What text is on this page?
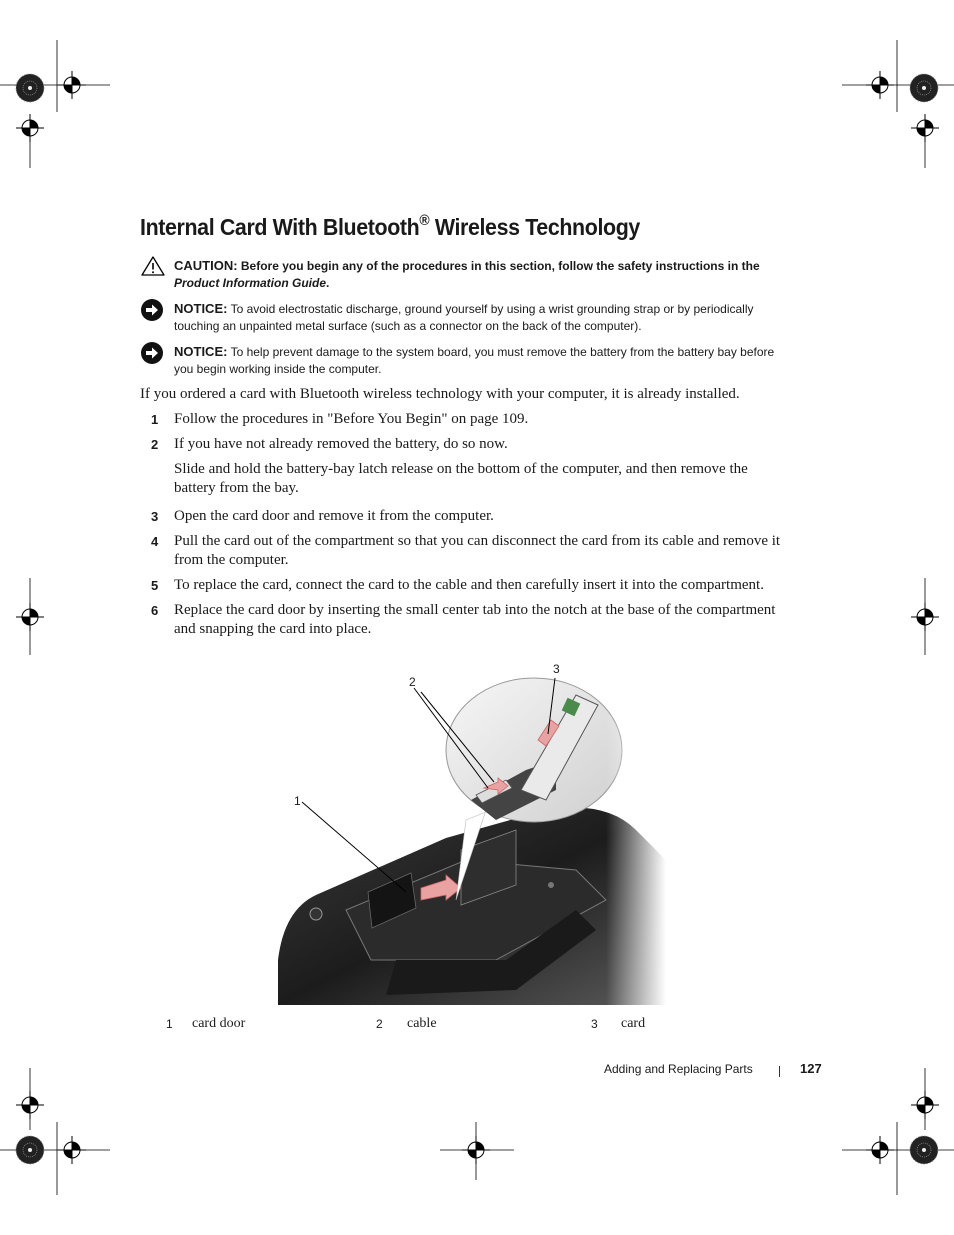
Internal Card With Bluetooth® Wireless Technology
CAUTION: Before you begin any of the procedures in this section, follow the safety instructions in the
Product Information Guide.
NOTICE: To avoid electrostatic discharge, ground yourself by using a wrist grounding strap or by periodically
touching an unpainted metal surface (such as a connector on the back of the computer).
NOTICE: To help prevent damage to the system board, you must remove the battery from the battery bay before
you begin working inside the computer.
If you ordered a card with Bluetooth wireless technology with your computer, it is already installed.
1 Follow the procedures in "Before You Begin" on page 109.
2 If you have not already removed the battery, do so now.
Slide and hold the battery-bay latch release on the bottom of the computer, and then remove the
battery from the bay.
3 Open the card door and remove it from the computer.
4 Pull the card out of the compartment so that you can disconnect the card from its cable and remove it
from the computer.
5 To replace the card, connect the card to the cable and then carefully insert it into the compartment.
6 Replace the card door by inserting the small center tab into the notch at the base of the compartment
and snapping the card into place.
1
2
3
1 card door	2 cable	3 card
Adding and Replacing Parts	127
